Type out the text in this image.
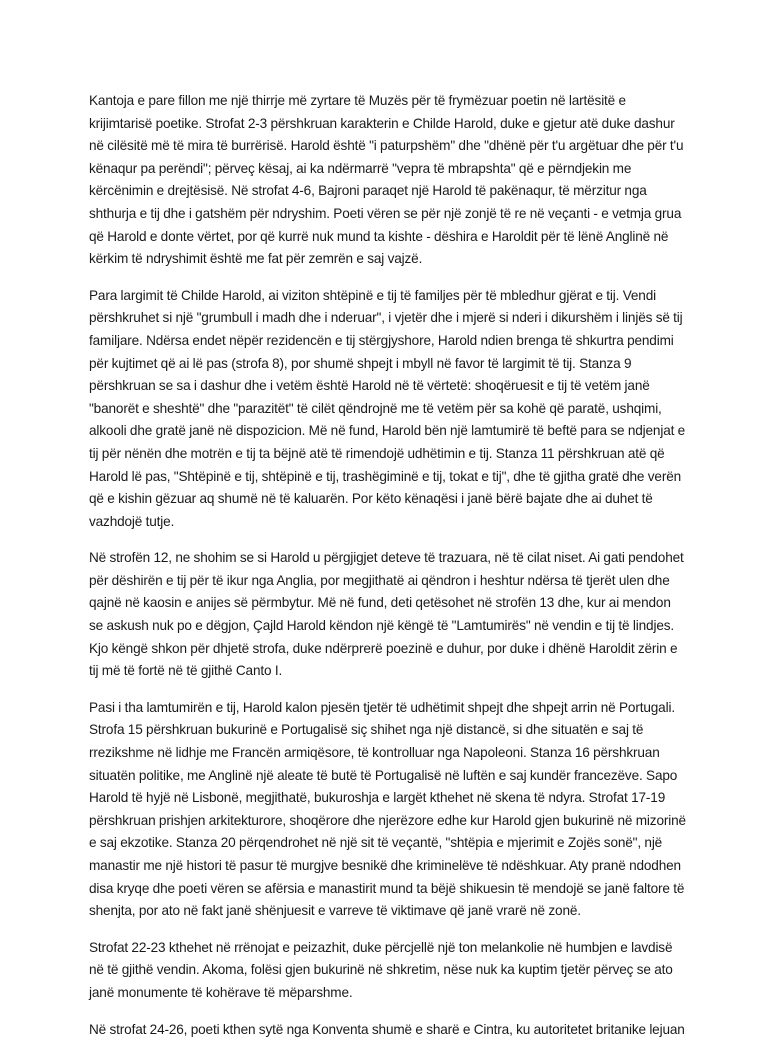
Kantoja e pare fillon me një thirrje më zyrtare të Muzës për të frymëzuar poetin në lartësitë e krijimtarisë poetike. Strofat 2-3 përshkruan karakterin e Childe Harold, duke e gjetur atë duke dashur në cilësitë më të mira të burrërisë. Harold është "i paturpshëm" dhe "dhënë për t'u argëtuar dhe për t'u kënaqur pa perëndi"; përveç kësaj, ai ka ndërmarrë "vepra të mbrapshta" që e përndjekin me kërcënimin e drejtësisë. Në strofat 4-6, Bajroni paraqet një Harold të pakënaqur, të mërzitur nga shthurja e tij dhe i gatshëm për ndryshim. Poeti vëren se për një zonjë të re në veçanti - e vetmja grua që Harold e donte vërtet, por që kurrë nuk mund ta kishte - dëshira e Haroldit për të lënë Anglinë në kërkim të ndryshimit është me fat për zemrën e saj vajzë.

Para largimit të Childe Harold, ai viziton shtëpinë e tij të familjes për të mbledhur gjërat e tij. Vendi përshkruhet si një "grumbull i madh dhe i nderuar", i vjetër dhe i mjerë si nderi i dikurshëm i linjës së tij familjare. Ndërsa endet nëpër rezidencën e tij stërgjyshore, Harold ndien brenga të shkurtra pendimi për kujtimet që ai lë pas (strofa 8), por shumë shpejt i mbyll në favor të largimit të tij. Stanza 9 përshkruan se sa i dashur dhe i vetëm është Harold në të vërtetë: shoqëruesit e tij të vetëm janë "banorët e sheshtë" dhe "parazitët" të cilët qëndrojnë me të vetëm për sa kohë që paratë, ushqimi, alkooli dhe gratë janë në dispozicion. Më në fund, Harold bën një lamtumirë të beftë para se ndjenjat e tij për nënën dhe motrën e tij ta bëjnë atë të rimendojë udhëtimin e tij. Stanza 11 përshkruan atë që Harold lë pas, "Shtëpinë e tij, shtëpinë e tij, trashëgiminë e tij, tokat e tij", dhe të gjitha gratë dhe verën që e kishin gëzuar aq shumë në të kaluarën. Por këto kënaqësi i janë bërë bajate dhe ai duhet të vazhdojë tutje.

Në strofën 12, ne shohim se si Harold u përgjigjet deteve të trazuara, në të cilat niset. Ai gati pendohet për dëshirën e tij për të ikur nga Anglia, por megjithatë ai qëndron i heshtur ndërsa të tjerët ulen dhe qajnë në kaosin e anijes së përmbytur. Më në fund, deti qetësohet në strofën 13 dhe, kur ai mendon se askush nuk po e dëgjon, Çajld Harold këndon një këngë të "Lamtumirës" në vendin e tij të lindjes. Kjo këngë shkon për dhjetë strofa, duke ndërprerë poezinë e duhur, por duke i dhënë Haroldit zërin e tij më të fortë në të gjithë Canto I.

Pasi i tha lamtumirën e tij, Harold kalon pjesën tjetër të udhëtimit shpejt dhe shpejt arrin në Portugali. Strofa 15 përshkruan bukurinë e Portugalisë siç shihet nga një distancë, si dhe situatën e saj të rrezikshme në lidhje me Francën armiqësore, të kontrolluar nga Napoleoni. Stanza 16 përshkruan situatën politike, me Anglinë një aleate të butë të Portugalisë në luftën e saj kundër francezëve. Sapo Harold të hyjë në Lisbonë, megjithatë, bukuroshja e largët kthehet në skena të ndyra. Strofat 17-19 përshkruan prishjen arkitekturore, shoqërore dhe njerëzore edhe kur Harold gjen bukurinë në mizorinë e saj ekzotike. Stanza 20 përqendrohet në një sit të veçantë, "shtëpia e mjerimit e Zojës sonë", një manastir me një histori të pasur të murgjve besnikë dhe kriminelëve të ndëshkuar. Aty pranë ndodhen disa kryqe dhe poeti vëren se afërsia e manastirit mund ta bëjë shikuesin të mendojë se janë faltore të shenjta, por ato në fakt janë shënjuesit e varreve të viktimave që janë vrarë në zonë.

Strofat 22-23 kthehet në rrënojat e peizazhit, duke përcjellë një ton melankolie në humbjen e lavdisë në të gjithë vendin. Akoma, folësi gjen bukurinë në shkretim, nëse nuk ka kuptim tjetër përveç se ato janë monumente të kohërave të mëparshme.

Në strofat 24-26, poeti kthen sytë nga Konventa shumë e sharë e Cintra, ku autoritetet britanike lejuan
